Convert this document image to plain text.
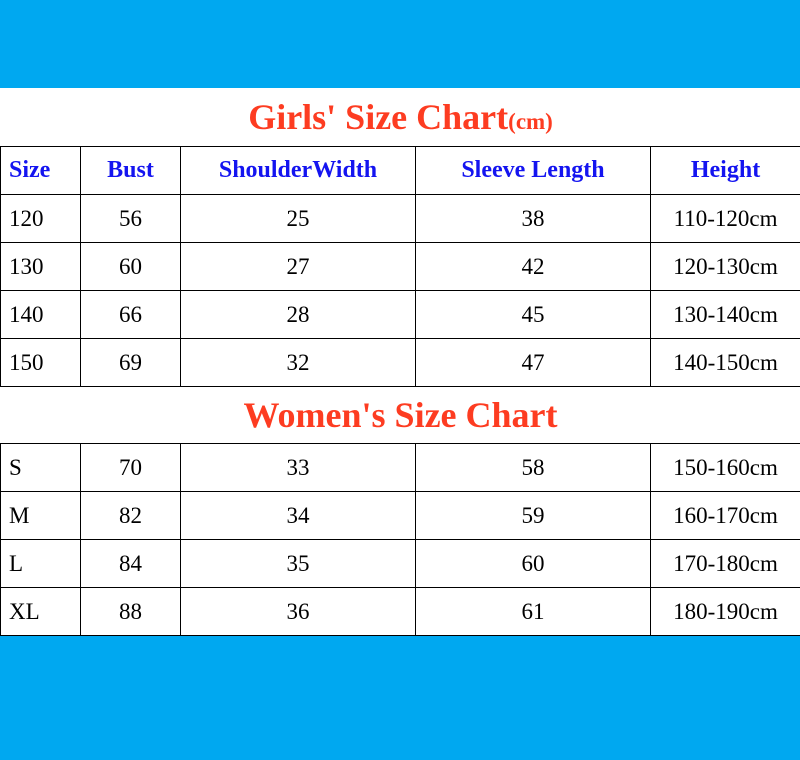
Girls' Size Chart(cm)				
Size	Bust	ShoulderWidth	Sleeve Length	Height
120	56	25	38	110-120cm
130	60	27	42	120-130cm
140	66	28	45	130-140cm
150	69	32	47	140-150cm
Women's Size Chart				
S	70	33	58	150-160cm
M	82	34	59	160-170cm
L	84	35	60	170-180cm
XL	88	36	61	180-190cm
